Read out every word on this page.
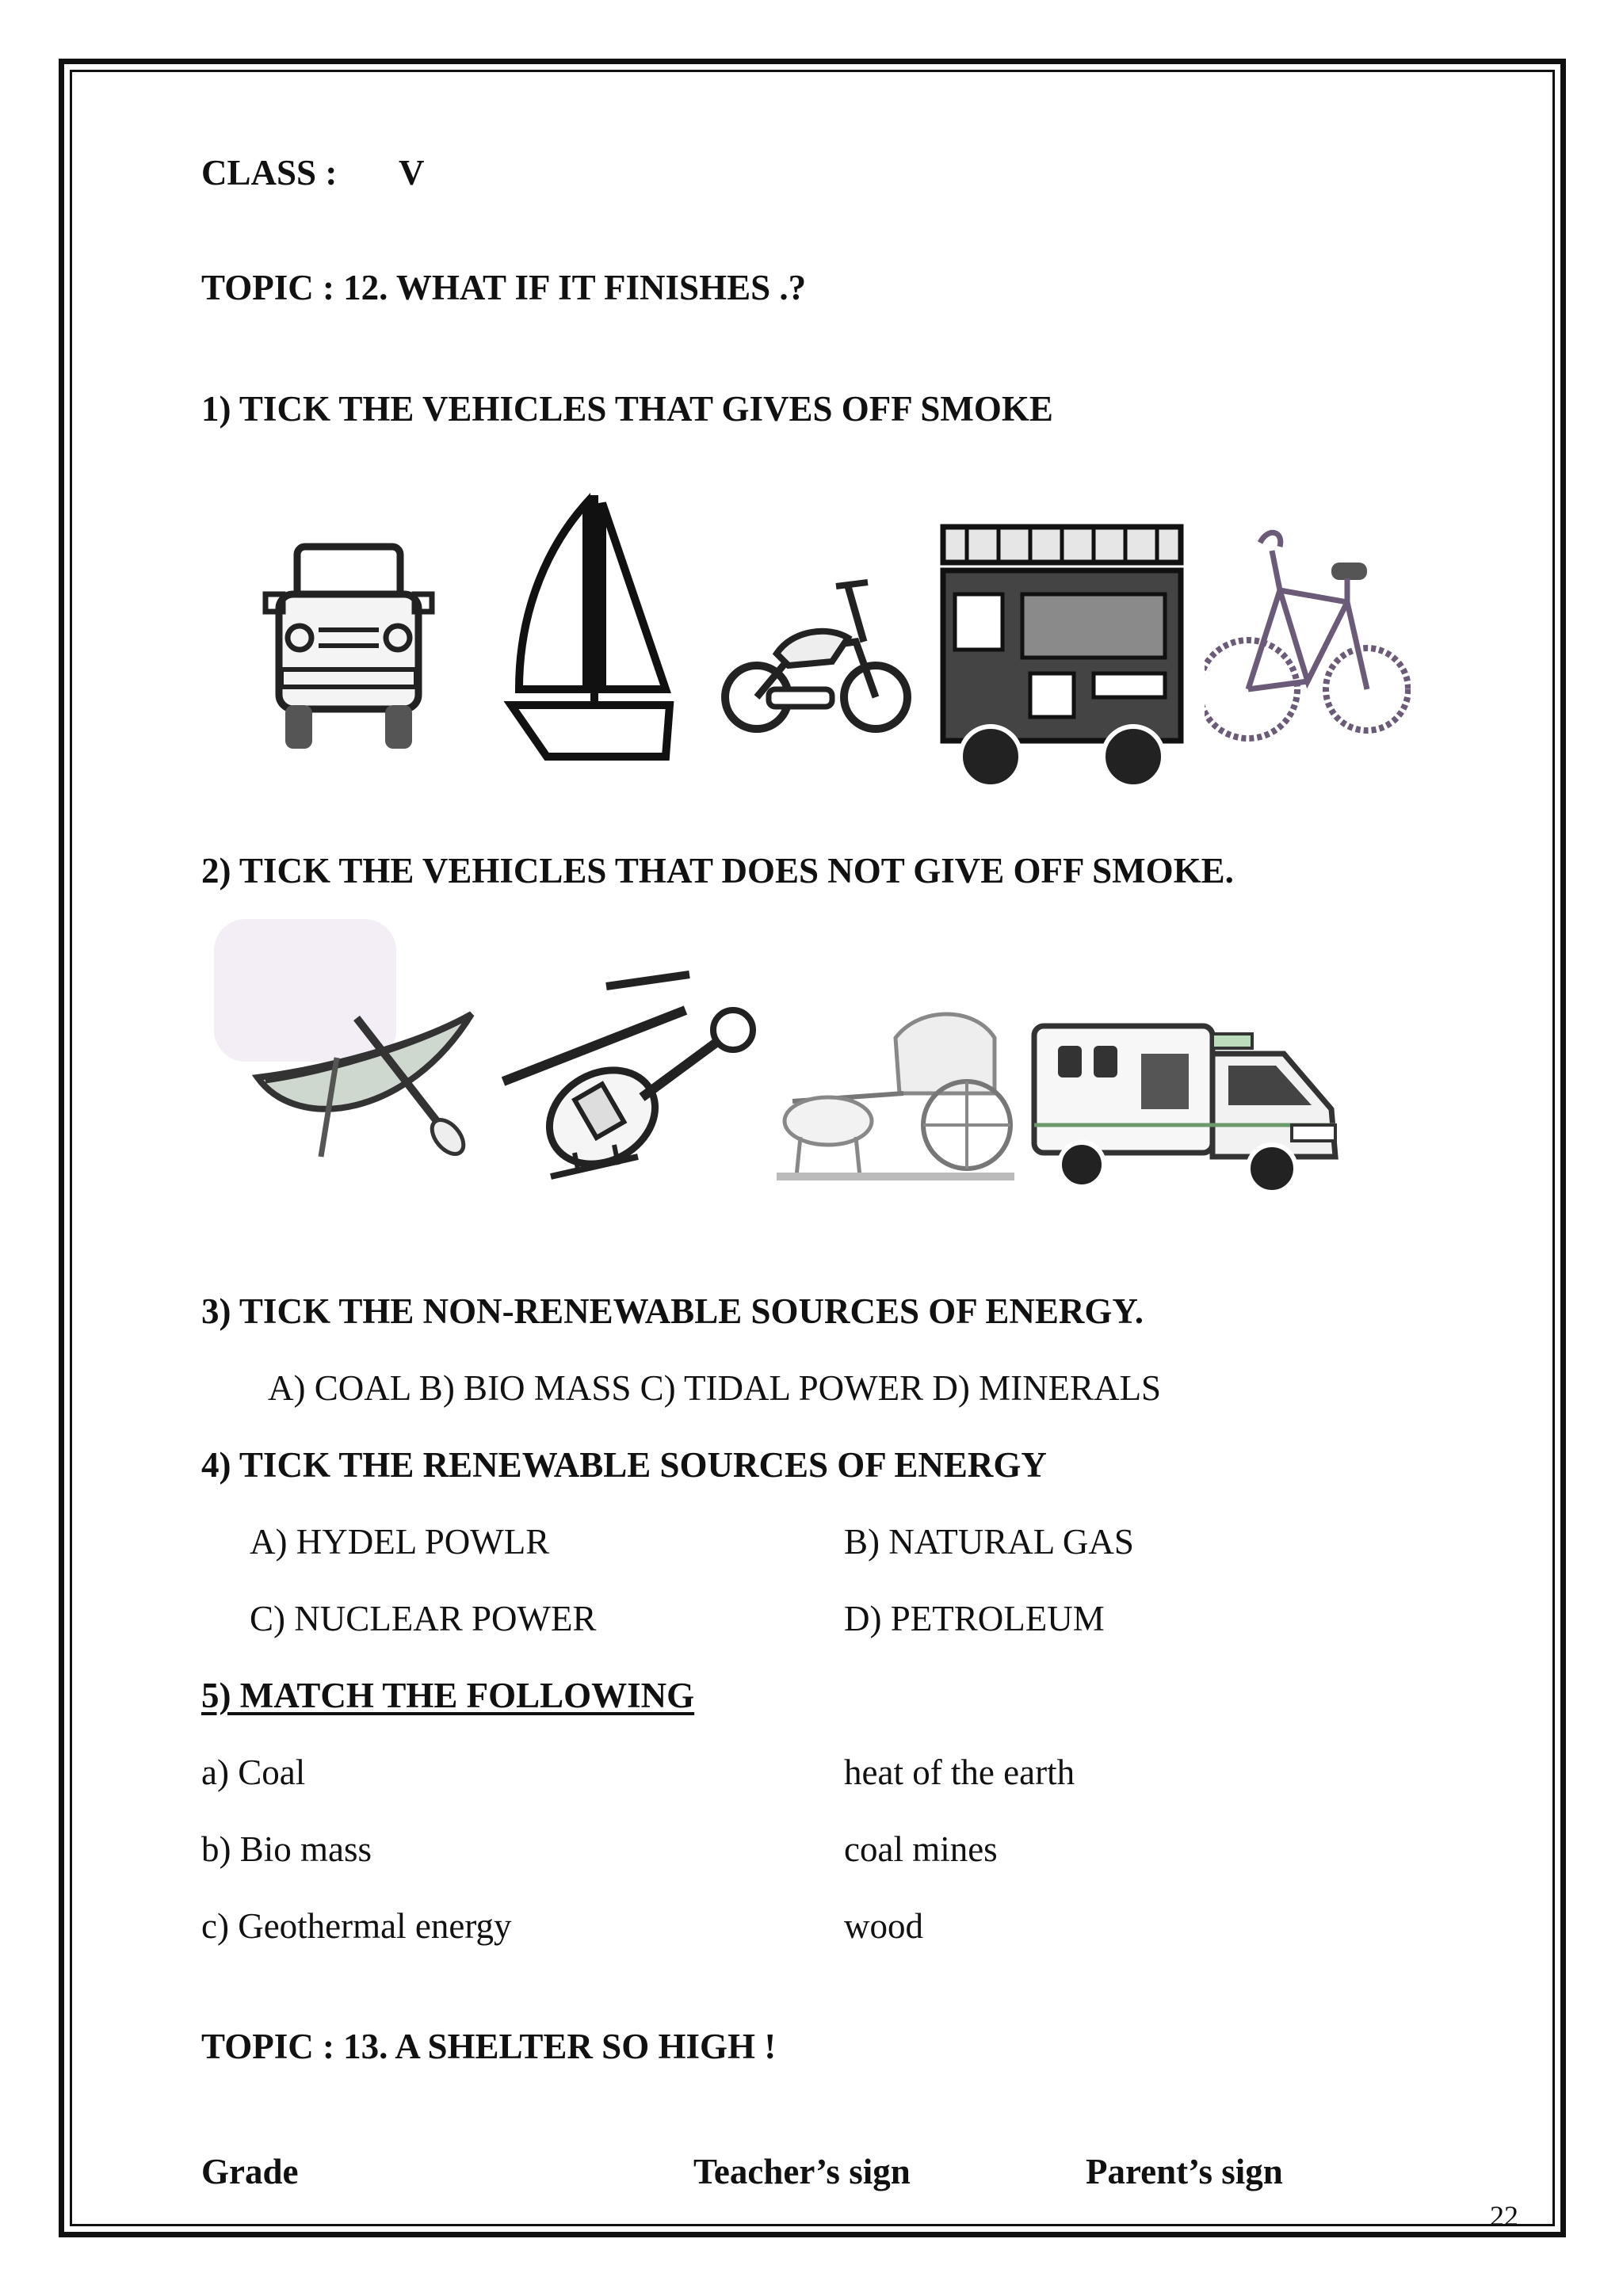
CLASS : V
TOPIC : 12. WHAT IF IT FINISHES .?
1) TICK THE VEHICLES THAT GIVES OFF SMOKE
2) TICK THE VEHICLES THAT DOES NOT GIVE OFF SMOKE.
3) TICK THE NON-RENEWABLE SOURCES OF ENERGY.
A) COAL B) BIO MASS C) TIDAL POWER D) MINERALS
4) TICK THE RENEWABLE SOURCES OF ENERGY
A) HYDEL POWLR	B) NATURAL GAS
C) NUCLEAR POWER	D) PETROLEUM
5) MATCH THE FOLLOWING
a) Coal	heat of the earth
b) Bio mass	coal mines
c) Geothermal energy	wood
TOPIC : 13. A SHELTER SO HIGH !
Grade	Teacher’s sign	Parent’s sign
22
